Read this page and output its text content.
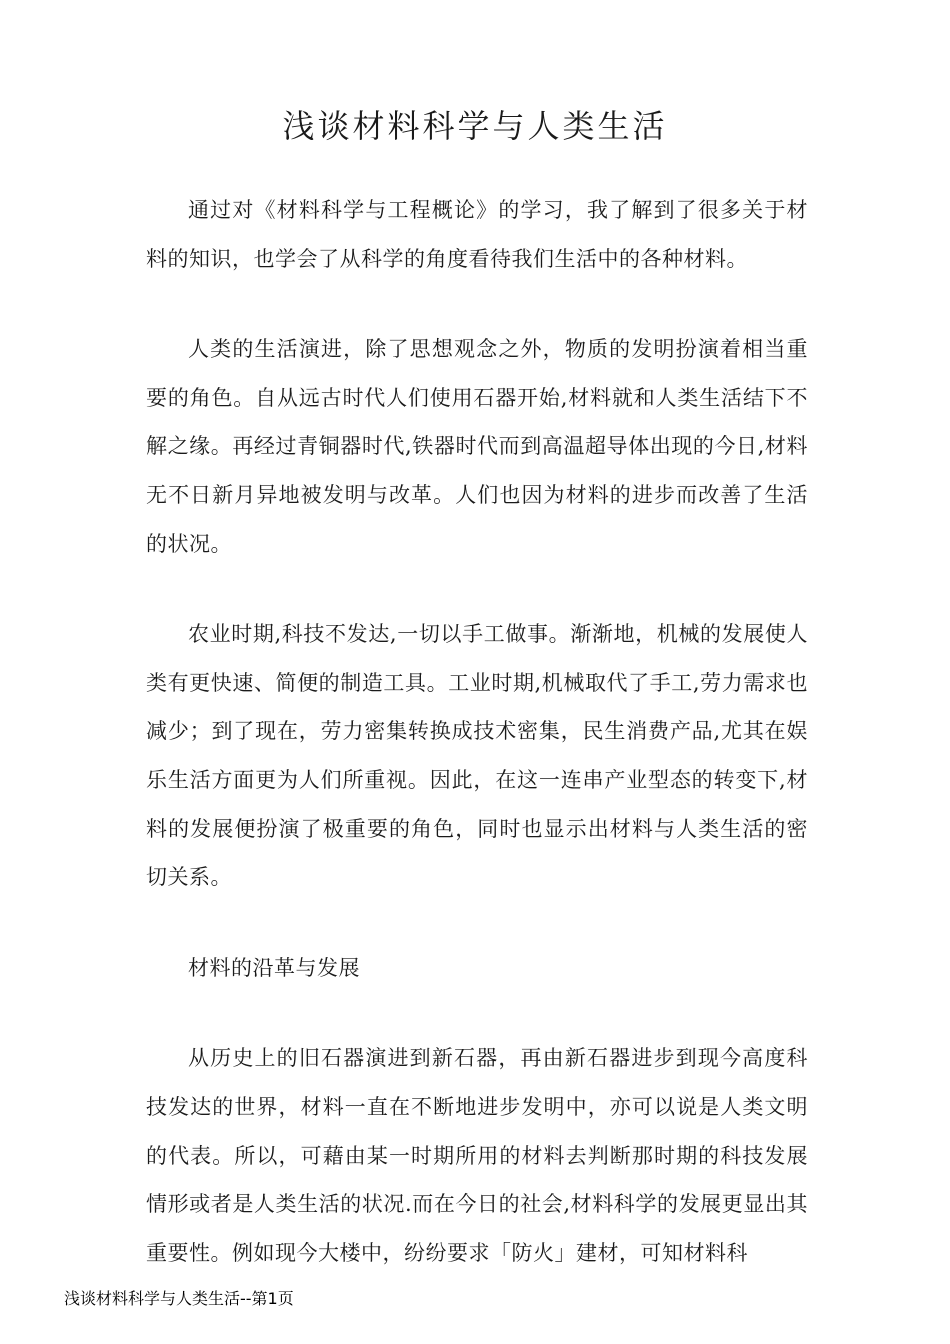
浅谈材料科学与人类生活

通过对《材料科学与工程概论》的学习，我了解到了很多关于材料的知识，也学会了从科学的角度看待我们生活中的各种材料。

人类的生活演进，除了思想观念之外，物质的发明扮演着相当重要的角色。自从远古时代人们使用石器开始,材料就和人类生活结下不解之缘。再经过青铜器时代,铁器时代而到高温超导体出现的今日,材料无不日新月异地被发明与改革。人们也因为材料的进步而改善了生活的状况。

农业时期,科技不发达,一切以手工做事。渐渐地，机械的发展使人类有更快速、简便的制造工具。工业时期,机械取代了手工,劳力需求也减少；到了现在，劳力密集转换成技术密集，民生消费产品,尤其在娱乐生活方面更为人们所重视。因此，在这一连串产业型态的转变下,材料的发展便扮演了极重要的角色，同时也显示出材料与人类生活的密切关系。

材料的沿革与发展

从历史上的旧石器演进到新石器，再由新石器进步到现今高度科技发达的世界，材料一直在不断地进步发明中，亦可以说是人类文明的代表。所以，可藉由某一时期所用的材料去判断那时期的科技发展情形或者是人类生活的状况.而在今日的社会,材料科学的发展更显出其重要性。例如现今大楼中，纷纷要求「防火」建材，可知材料科

浅谈材料科学与人类生活--第1页
